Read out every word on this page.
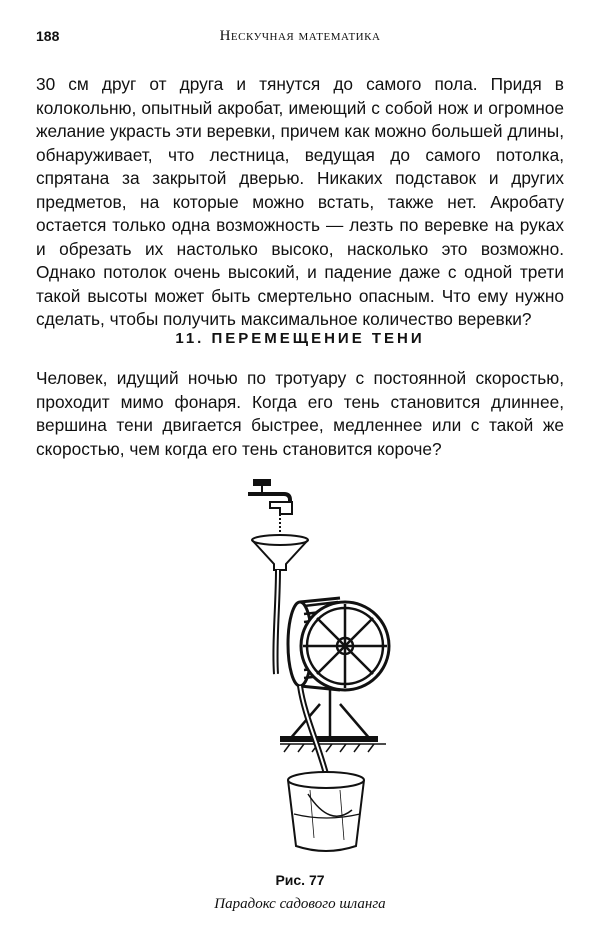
188	Нескучная математика

30 см друг от друга и тянутся до самого пола. Придя в колокольню, опытный акробат, имеющий с собой нож и огромное желание украсть эти веревки, причем как можно большей длины, обнаруживает, что лестница, ведущая до самого потолка, спрятана за закрытой дверью. Никаких подставок и других предметов, на которые можно встать, также нет. Акробату остается только одна возможность — лезть по веревке на руках и обрезать их настолько высоко, насколько это возможно. Однако потолок очень высокий, и падение даже с одной трети такой высоты может быть смертельно опасным. Что ему нужно сделать, чтобы получить максимальное количество веревки?

11. ПЕРЕМЕЩЕНИЕ ТЕНИ

Человек, идущий ночью по тротуару с постоянной скоростью, проходит мимо фонаря. Когда его тень становится длиннее, вершина тени двигается быстрее, медленнее или с такой же скоростью, чем когда его тень становится короче?

Рис. 77
Парадокс садового шланга
